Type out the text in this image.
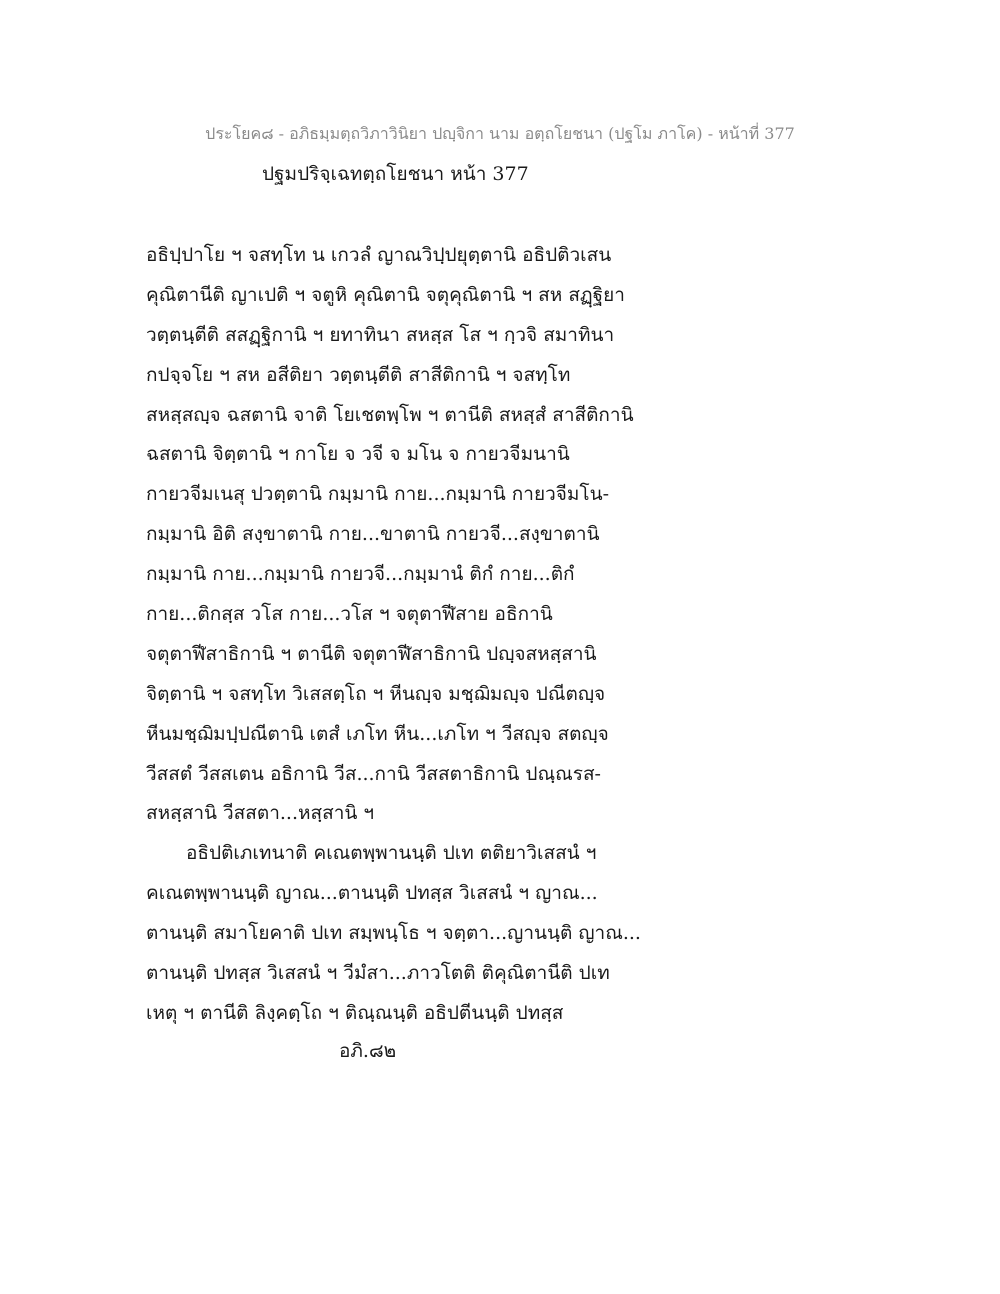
ประโยค๘ - อภิธมฺมตฺถวิภาวินิยา ปญฺจิกา นาม อตฺถโยชนา (ปฐโม ภาโค) - หน้าที่ 377
ปฐมปริจฺเฉทตฺถโยชนา หน้า 377
อธิปฺปาโย ฯ จสทฺโท น เกวลํ ญาณวิปฺปยุตฺตานิ อธิปติวเสน
คุณิตานีติ ญาเปติ ฯ จตูหิ คุณิตานิ จตุคุณิตานิ ฯ สห สฏฺฐิยา
วตฺตนฺตีติ สสฏฺฐิกานิ ฯ ยทาทินา สหสฺส โส ฯ กฺวจิ สมาทินา
กปจฺจโย ฯ สห อสีติยา วตฺตนฺตีติ สาสีติกานิ ฯ จสทฺโท
สหสฺสญฺจ ฉสตานิ จาติ โยเชตพฺโพ ฯ ตานีติ สหสฺสํ สาสีติกานิ
ฉสตานิ จิตฺตานิ ฯ กาโย จ วจี จ มโน จ กายวจีมนานิ
กายวจีมเนสุ ปวตฺตานิ กมฺมานิ กาย...กมฺมานิ กายวจีมโน-
กมฺมานิ อิติ สงฺขาตานิ กาย...ขาตานิ กายวจี...สงฺขาตานิ
กมฺมานิ กาย...กมฺมานิ กายวจี...กมฺมานํ ติกํ กาย...ติกํ
กาย...ติกสฺส วโส กาย...วโส ฯ จตุตาฬีสาย อธิกานิ
จตุตาฬีสาธิกานิ ฯ ตานีติ จตุตาฬีสาธิกานิ ปญฺจสหสฺสานิ
จิตฺตานิ ฯ จสทฺโท วิเสสตฺโถ ฯ หีนญฺจ มชฺฌิมญฺจ ปณีตญฺจ
หีนมชฺฌิมปฺปณีตานิ เตสํ เภโท หีน...เภโท ฯ วีสญฺจ สตญฺจ
วีสสตํ วีสสเตน อธิกานิ วีส...กานิ วีสสตาธิกานิ ปณฺณรส-
สหสฺสานิ วีสสตา...หสฺสานิ ฯ
อธิปติเภเทนาติ คเณตพฺพานนฺติ ปเท ตติยาวิเสสนํ ฯ
คเณตพฺพานนฺติ ญาณ...ตานนฺติ ปทสฺส วิเสสนํ ฯ ญาณ...
ตานนฺติ สมาโยคาติ ปเท สมฺพนฺโธ ฯ จตฺตา...ญานนฺติ ญาณ...
ตานนฺติ ปทสฺส วิเสสนํ ฯ วีมํสา...ภาวโตติ ติคุณิตานีติ ปเท
เหตุ ฯ ตานีติ ลิงฺคตฺโถ ฯ ติณฺณนฺติ อธิปตีนนฺติ ปทสฺส
อภิ.๘๒
